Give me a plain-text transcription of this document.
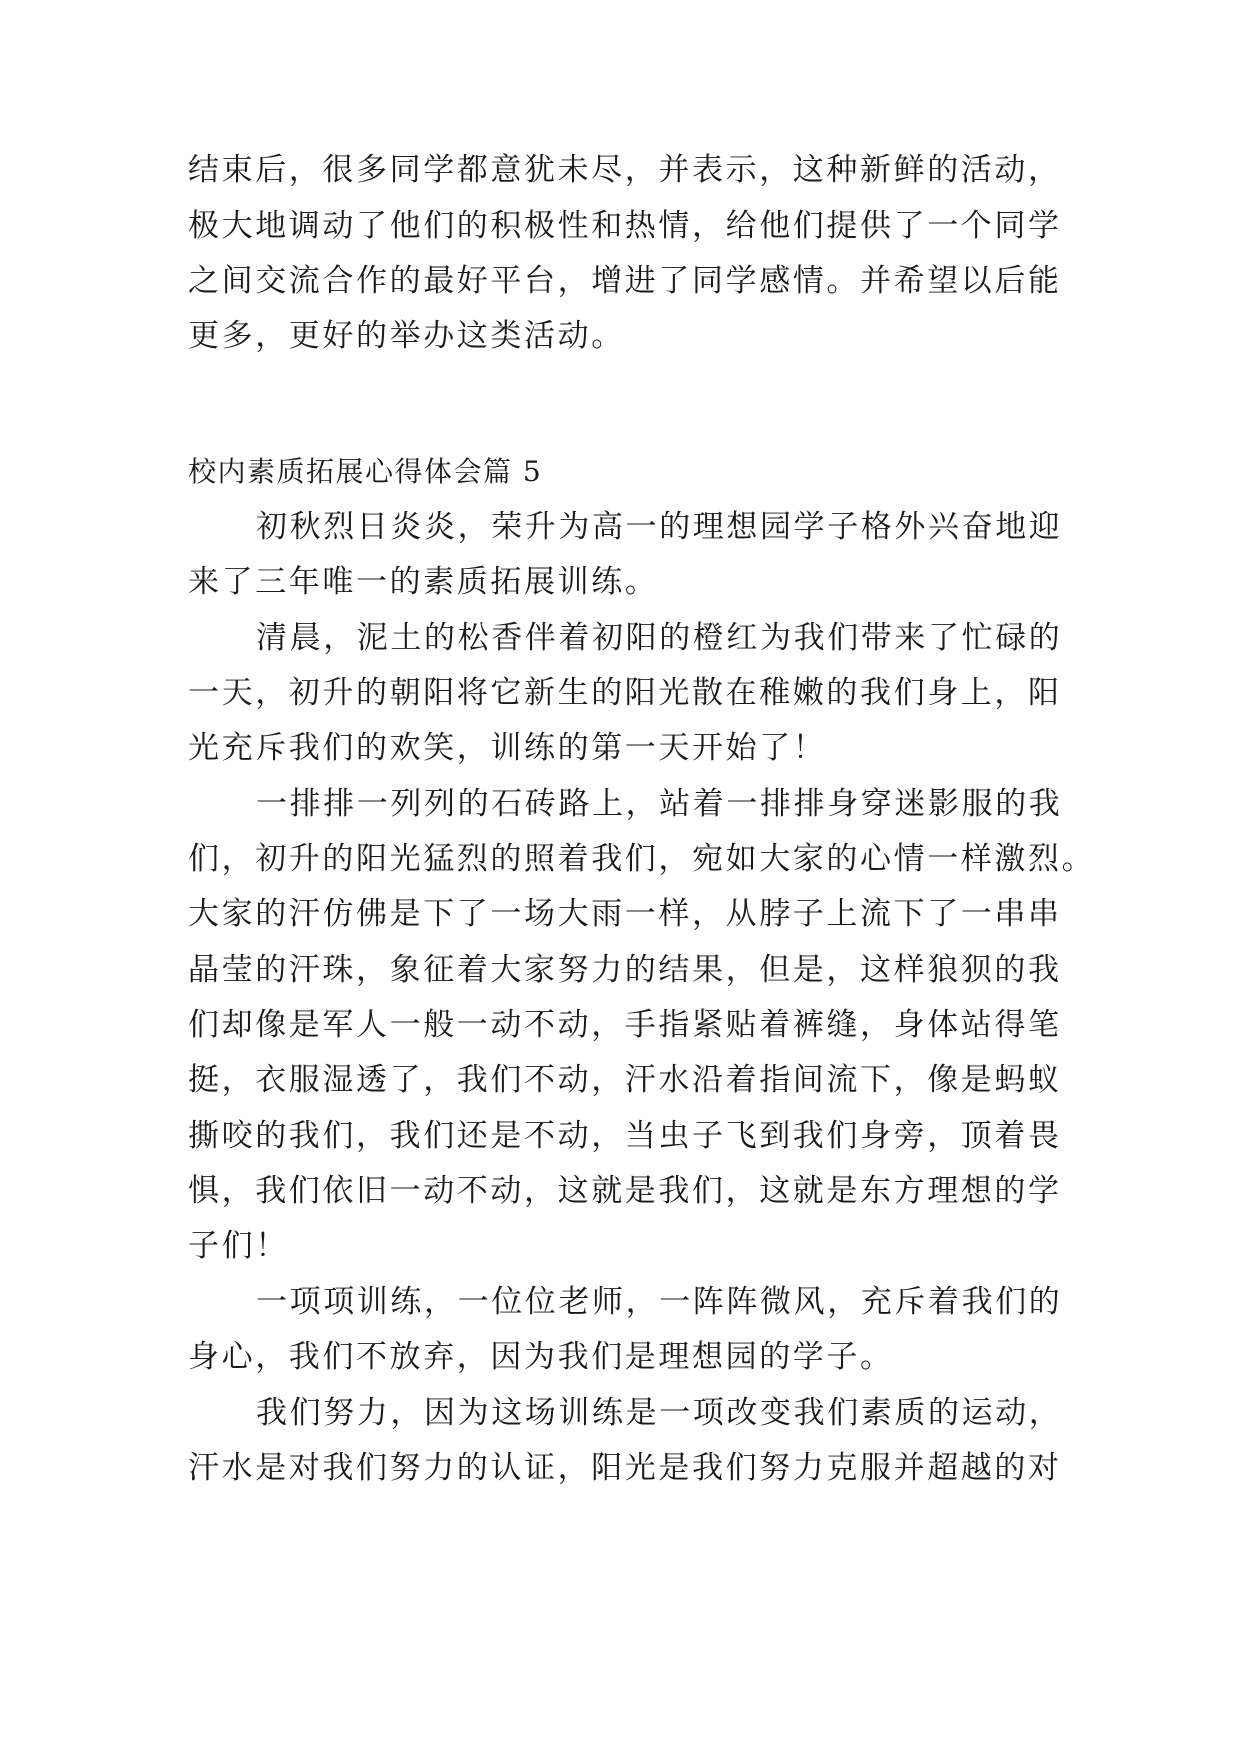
结束后，很多同学都意犹未尽，并表示，这种新鲜的活动，
极大地调动了他们的积极性和热情，给他们提供了一个同学
之间交流合作的最好平台，增进了同学感情。并希望以后能
更多，更好的举办这类活动。
校内素质拓展心得体会篇 5
初秋烈日炎炎，荣升为高一的理想园学子格外兴奋地迎
来了三年唯一的素质拓展训练。
清晨，泥土的松香伴着初阳的橙红为我们带来了忙碌的
一天，初升的朝阳将它新生的阳光散在稚嫩的我们身上，阳
光充斥我们的欢笑，训练的第一天开始了！
一排排一列列的石砖路上，站着一排排身穿迷影服的我
们，初升的阳光猛烈的照着我们，宛如大家的心情一样激烈。
大家的汗仿佛是下了一场大雨一样，从脖子上流下了一串串
晶莹的汗珠，象征着大家努力的结果，但是，这样狼狈的我
们却像是军人一般一动不动，手指紧贴着裤缝，身体站得笔
挺，衣服湿透了，我们不动，汗水沿着指间流下，像是蚂蚁
撕咬的我们，我们还是不动，当虫子飞到我们身旁，顶着畏
惧，我们依旧一动不动，这就是我们，这就是东方理想的学
子们！
一项项训练，一位位老师，一阵阵微风，充斥着我们的
身心，我们不放弃，因为我们是理想园的学子。
我们努力，因为这场训练是一项改变我们素质的运动，
汗水是对我们努力的认证，阳光是我们努力克服并超越的对
